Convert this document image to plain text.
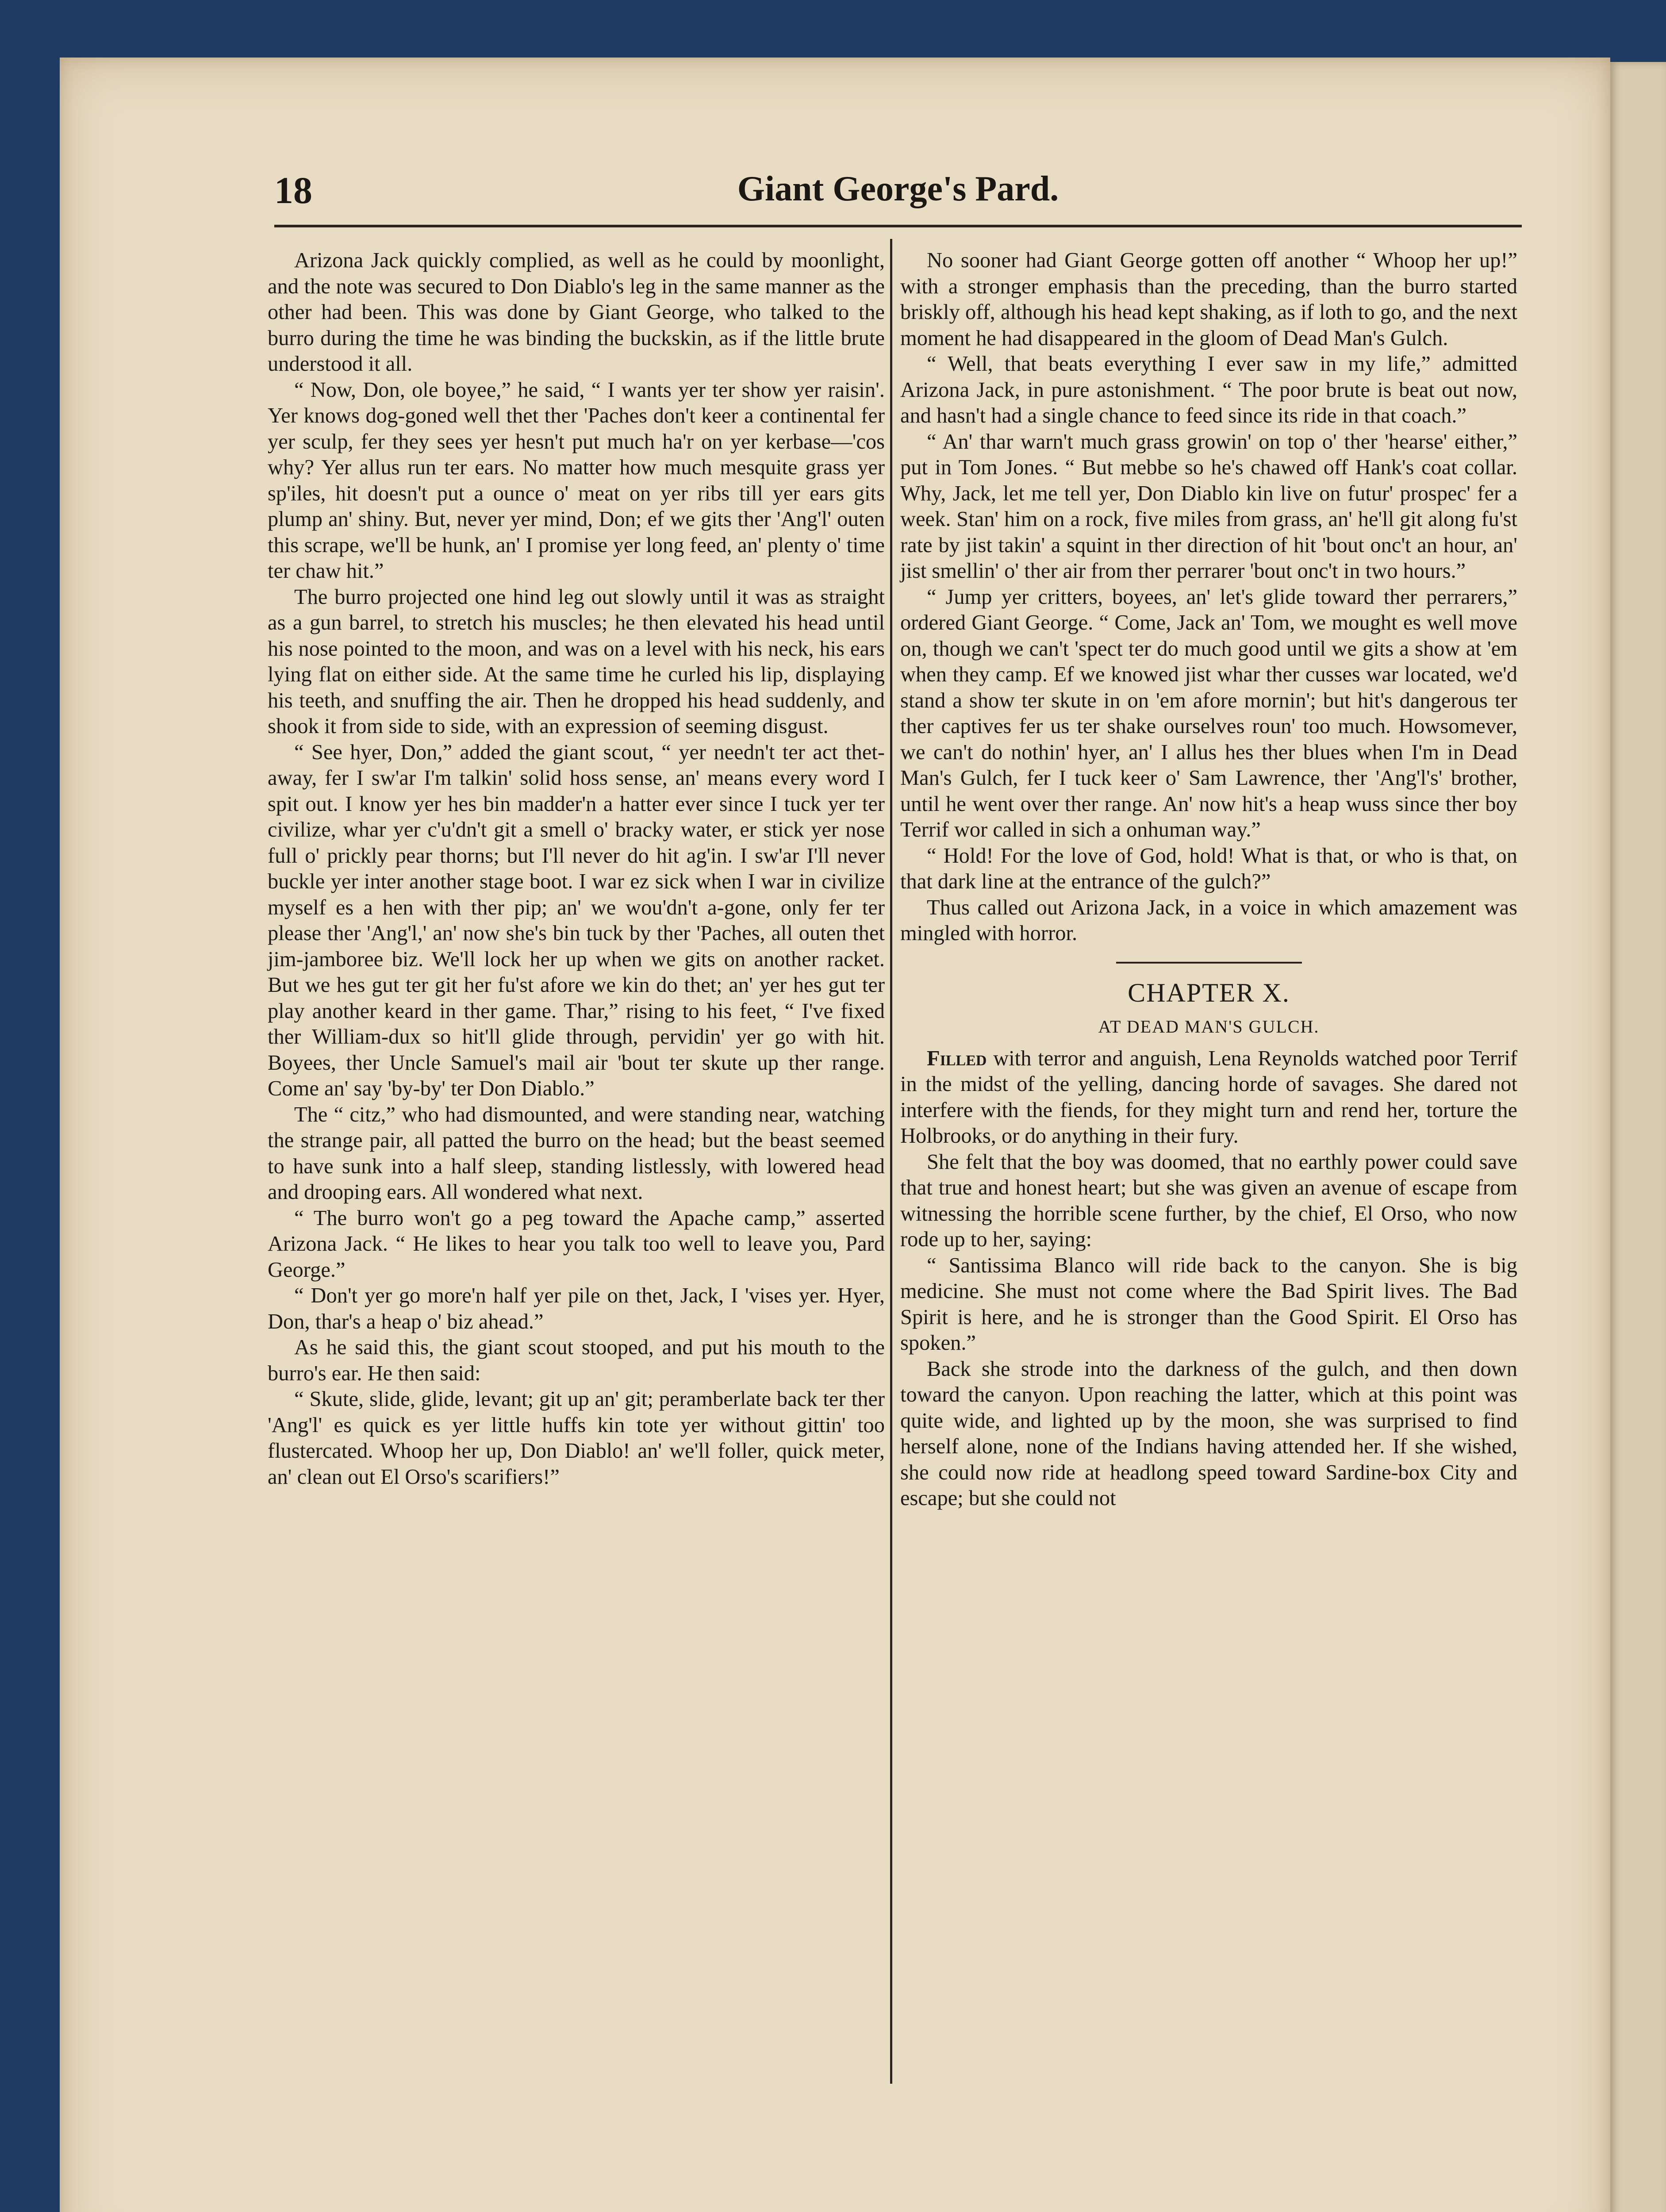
18	Giant George's Pard.

Arizona Jack quickly complied, as well as he could by moonlight, and the note was secured to Don Diablo's leg in the same manner as the other had been. This was done by Giant George, who talked to the burro during the time he was binding the buckskin, as if the little brute understood it all.

“ Now, Don, ole boyee,” he said, “ I wants yer ter show yer raisin'. Yer knows dog-goned well thet ther 'Paches don't keer a continental fer yer sculp, fer they sees yer hesn't put much ha'r on yer kerbase—'cos why? Yer allus run ter ears. No matter how much mesquite grass yer sp'iles, hit doesn't put a ounce o' meat on yer ribs till yer ears gits plump an' shiny. But, never yer mind, Don; ef we gits ther 'Ang'l' outen this scrape, we'll be hunk, an' I promise yer long feed, an' plenty o' time ter chaw hit.”

The burro projected one hind leg out slowly until it was as straight as a gun barrel, to stretch his muscles; he then elevated his head until his nose pointed to the moon, and was on a level with his neck, his ears lying flat on either side. At the same time he curled his lip, displaying his teeth, and snuffing the air. Then he dropped his head suddenly, and shook it from side to side, with an expression of seeming disgust.

“ See hyer, Don,” added the giant scout, “ yer needn't ter act thet-away, fer I sw'ar I'm talkin' solid hoss sense, an' means every word I spit out. I know yer hes bin madder'n a hatter ever since I tuck yer ter civilize, whar yer c'u'dn't git a smell o' bracky water, er stick yer nose full o' prickly pear thorns; but I'll never do hit ag'in. I sw'ar I'll never buckle yer inter another stage boot. I war ez sick when I war in civilize myself es a hen with ther pip; an' we wou'dn't a-gone, only fer ter please ther 'Ang'l,' an' now she's bin tuck by ther 'Paches, all outen thet jim-jamboree biz. We'll lock her up when we gits on another racket. But we hes gut ter git her fu'st afore we kin do thet; an' yer hes gut ter play another keard in ther game. Thar,” rising to his feet, “ I've fixed ther William-dux so hit'll glide through, pervidin' yer go with hit. Boyees, ther Uncle Samuel's mail air 'bout ter skute up ther range. Come an' say 'by-by' ter Don Diablo.”

The “ citz,” who had dismounted, and were standing near, watching the strange pair, all patted the burro on the head; but the beast seemed to have sunk into a half sleep, standing listlessly, with lowered head and drooping ears. All wondered what next.

“ The burro won't go a peg toward the Apache camp,” asserted Arizona Jack. “ He likes to hear you talk too well to leave you, Pard George.”

“ Don't yer go more'n half yer pile on thet, Jack, I 'vises yer. Hyer, Don, thar's a heap o' biz ahead.”

As he said this, the giant scout stooped, and put his mouth to the burro's ear. He then said:

“ Skute, slide, glide, levant; git up an' git; peramberlate back ter ther 'Ang'l' es quick es yer little huffs kin tote yer without gittin' too flustercated. Whoop her up, Don Diablo! an' we'll foller, quick meter, an' clean out El Orso's scarifiers!”

No sooner had Giant George gotten off another “ Whoop her up!” with a stronger emphasis than the preceding, than the burro started briskly off, although his head kept shaking, as if loth to go, and the next moment he had disappeared in the gloom of Dead Man's Gulch.

“ Well, that beats everything I ever saw in my life,” admitted Arizona Jack, in pure astonishment. “ The poor brute is beat out now, and hasn't had a single chance to feed since its ride in that coach.”

“ An' thar warn't much grass growin' on top o' ther 'hearse' either,” put in Tom Jones. “ But mebbe so he's chawed off Hank's coat collar. Why, Jack, let me tell yer, Don Diablo kin live on futur' prospec' fer a week. Stan' him on a rock, five miles from grass, an' he'll git along fu'st rate by jist takin' a squint in ther direction of hit 'bout onc't an hour, an' jist smellin' o' ther air from ther perrarer 'bout onc't in two hours.”

“ Jump yer critters, boyees, an' let's glide toward ther perrarers,” ordered Giant George. “ Come, Jack an' Tom, we mought es well move on, though we can't 'spect ter do much good until we gits a show at 'em when they camp. Ef we knowed jist whar ther cusses war located, we'd stand a show ter skute in on 'em afore mornin'; but hit's dangerous ter ther captives fer us ter shake ourselves roun' too much. Howsomever, we can't do nothin' hyer, an' I allus hes ther blues when I'm in Dead Man's Gulch, fer I tuck keer o' Sam Lawrence, ther 'Ang'l's' brother, until he went over ther range. An' now hit's a heap wuss since ther boy Terrif wor called in sich a onhuman way.”

“ Hold! For the love of God, hold! What is that, or who is that, on that dark line at the entrance of the gulch?”

Thus called out Arizona Jack, in a voice in which amazement was mingled with horror.

CHAPTER X.
AT DEAD MAN'S GULCH.

Filled with terror and anguish, Lena Reynolds watched poor Terrif in the midst of the yelling, dancing horde of savages. She dared not interfere with the fiends, for they might turn and rend her, torture the Holbrooks, or do anything in their fury.

She felt that the boy was doomed, that no earthly power could save that true and honest heart; but she was given an avenue of escape from witnessing the horrible scene further, by the chief, El Orso, who now rode up to her, saying:

“ Santissima Blanco will ride back to the canyon. She is big medicine. She must not come where the Bad Spirit lives. The Bad Spirit is here, and he is stronger than the Good Spirit. El Orso has spoken.”

Back she strode into the darkness of the gulch, and then down toward the canyon. Upon reaching the latter, which at this point was quite wide, and lighted up by the moon, she was surprised to find herself alone, none of the Indians having attended her. If she wished, she could now ride at headlong speed toward Sardine-box City and escape; but she could not
